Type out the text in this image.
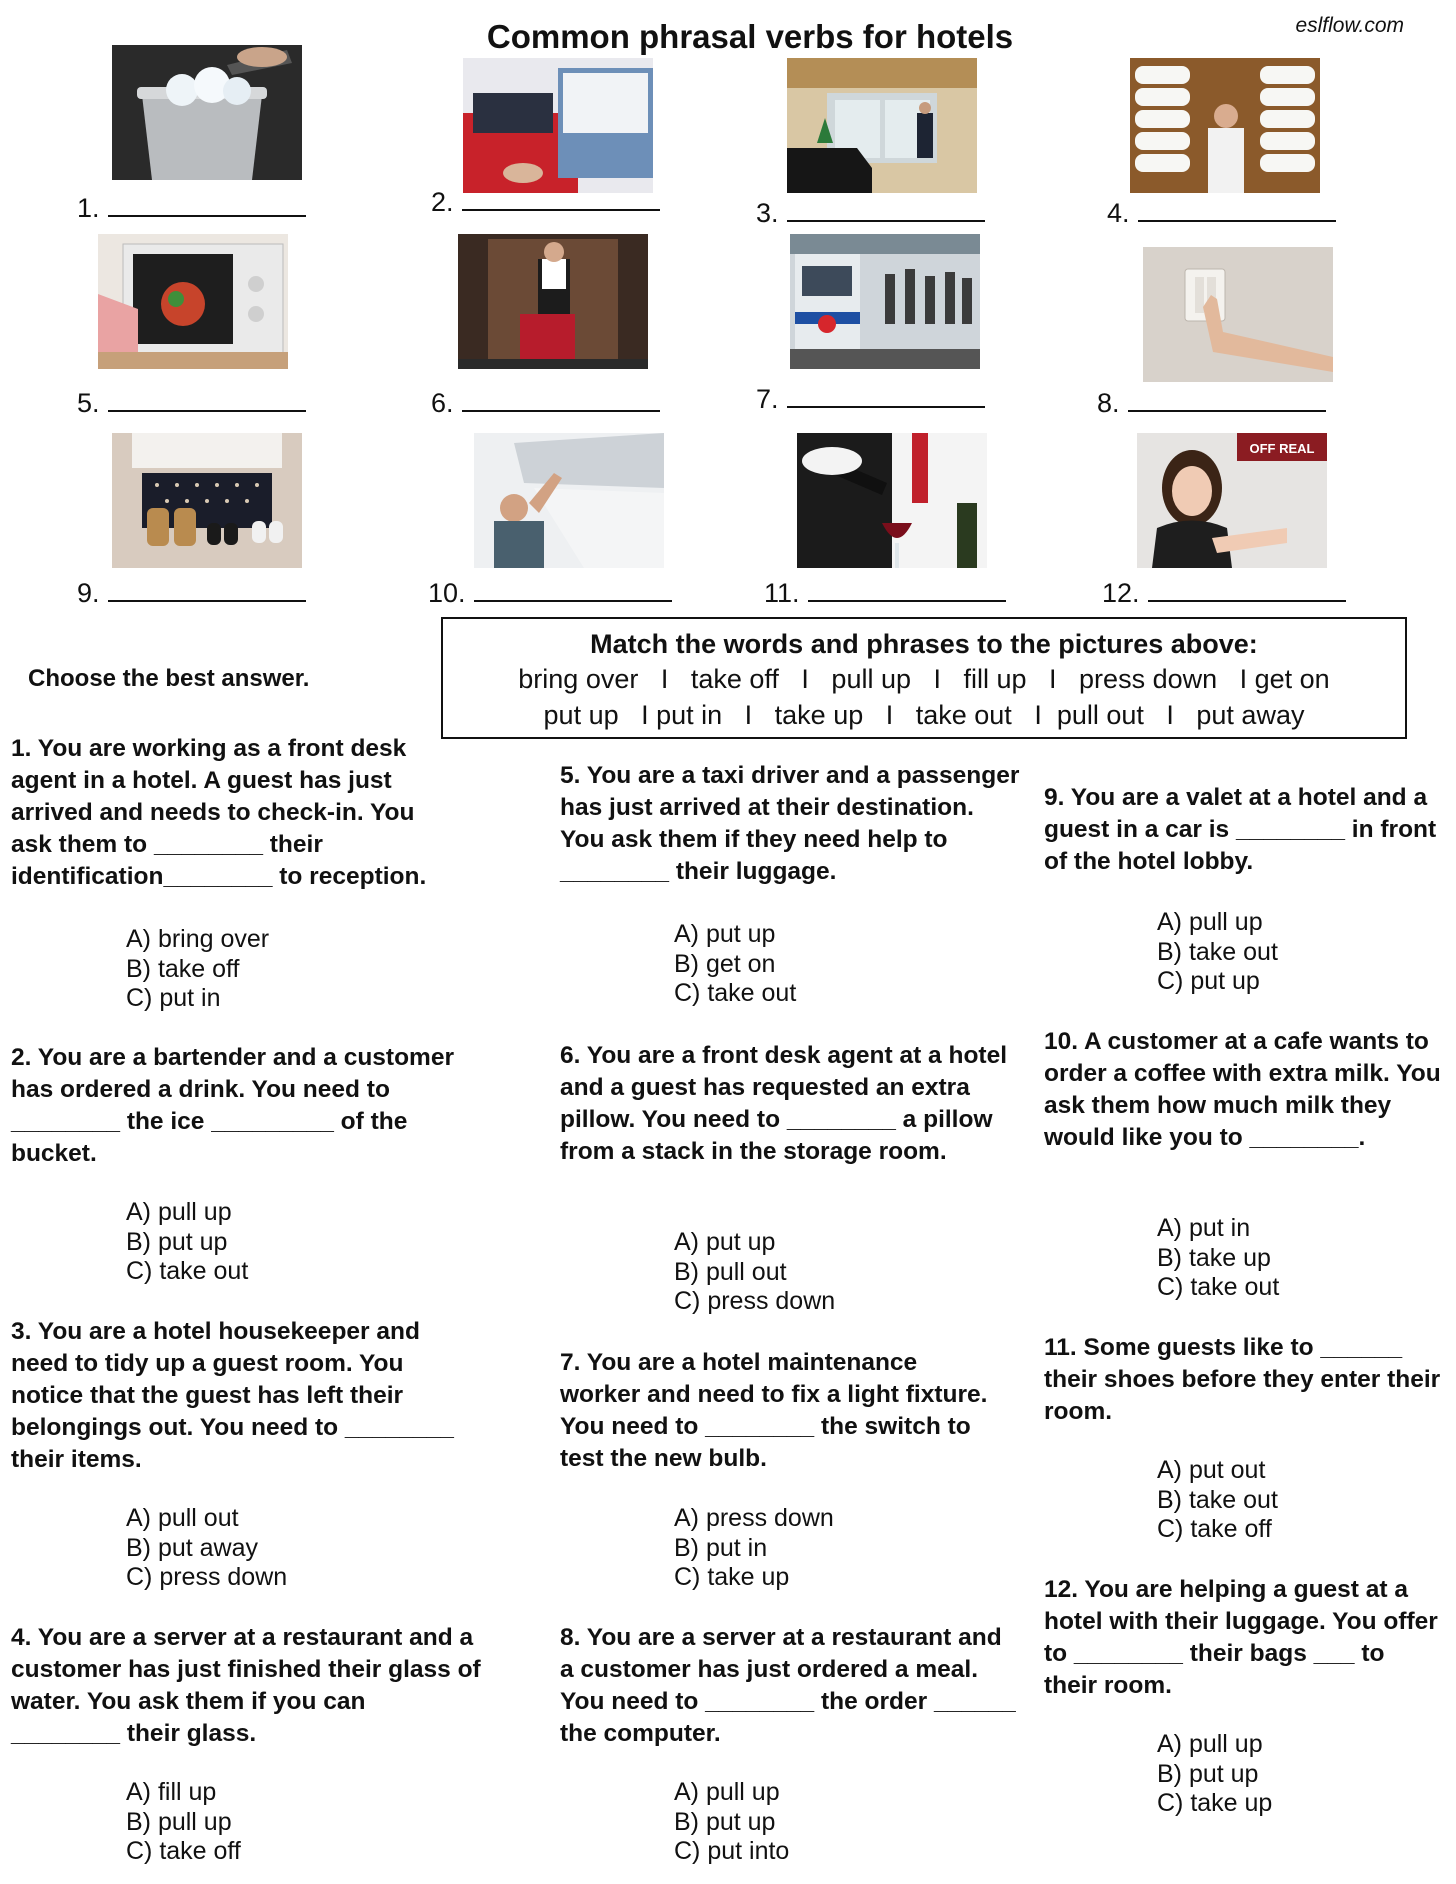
Common phrasal verbs for hotels	eslflow.com
1.	2.	3.	4.
5.	6.	7.	8.
OFF REAL
9.	10.	11.	12.
Match the words and phrases to the pictures above:
bring over   I   take off   I   pull up   I   fill up   I   press down   I get on
put up   I put in   I   take up   I   take out   I  pull out   I   put away
Choose the best answer.
1. You are working as a front desk agent in a hotel. A guest has just arrived and needs to check-in. You ask them to ________ their identification________ to reception.
A) bring over
B) take off
C) put in
2. You are a bartender and a customer has ordered a drink. You need to ________ the ice _________ of the bucket.
A) pull up
B) put up
C) take out
3. You are a hotel housekeeper and need to tidy up a guest room. You notice that the guest has left their belongings out. You need to ________ their items.
A) pull out
B) put away
C) press down
4. You are a server at a restaurant and a customer has just finished their glass of water. You ask them if you can ________ their glass.
A) fill up
B) pull up
C) take off
5. You are a taxi driver and a passenger has just arrived at their destination. You ask them if they need help to ________ their luggage.
A) put up
B) get on
C) take out
6. You are a front desk agent at a hotel and a guest has requested an extra pillow. You need to ________ a pillow from a stack in the storage room.
A) put up
B) pull out
C) press down
7. You are a hotel maintenance worker and need to fix a light fixture. You need to ________ the switch to test the new bulb.
A) press down
B) put in
C) take up
8. You are a server at a restaurant and a customer has just ordered a meal. You need to ________ the order ______ the computer.
A) pull up
B) put up
C) put into
9. You are a valet at a hotel and a guest in a car is ________ in front of the hotel lobby.
A) pull up
B) take out
C) put up
10. A customer at a cafe wants to order a coffee with extra milk. You ask them how much milk they would like you to ________.
A) put in
B) take up
C) take out
11. Some guests like to ______ their shoes before they enter their room.
A) put out
B) take out
C) take off
12. You are helping a guest at a hotel with their luggage. You offer to ________ their bags ___ to their room.
A) pull up
B) put up
C) take up
